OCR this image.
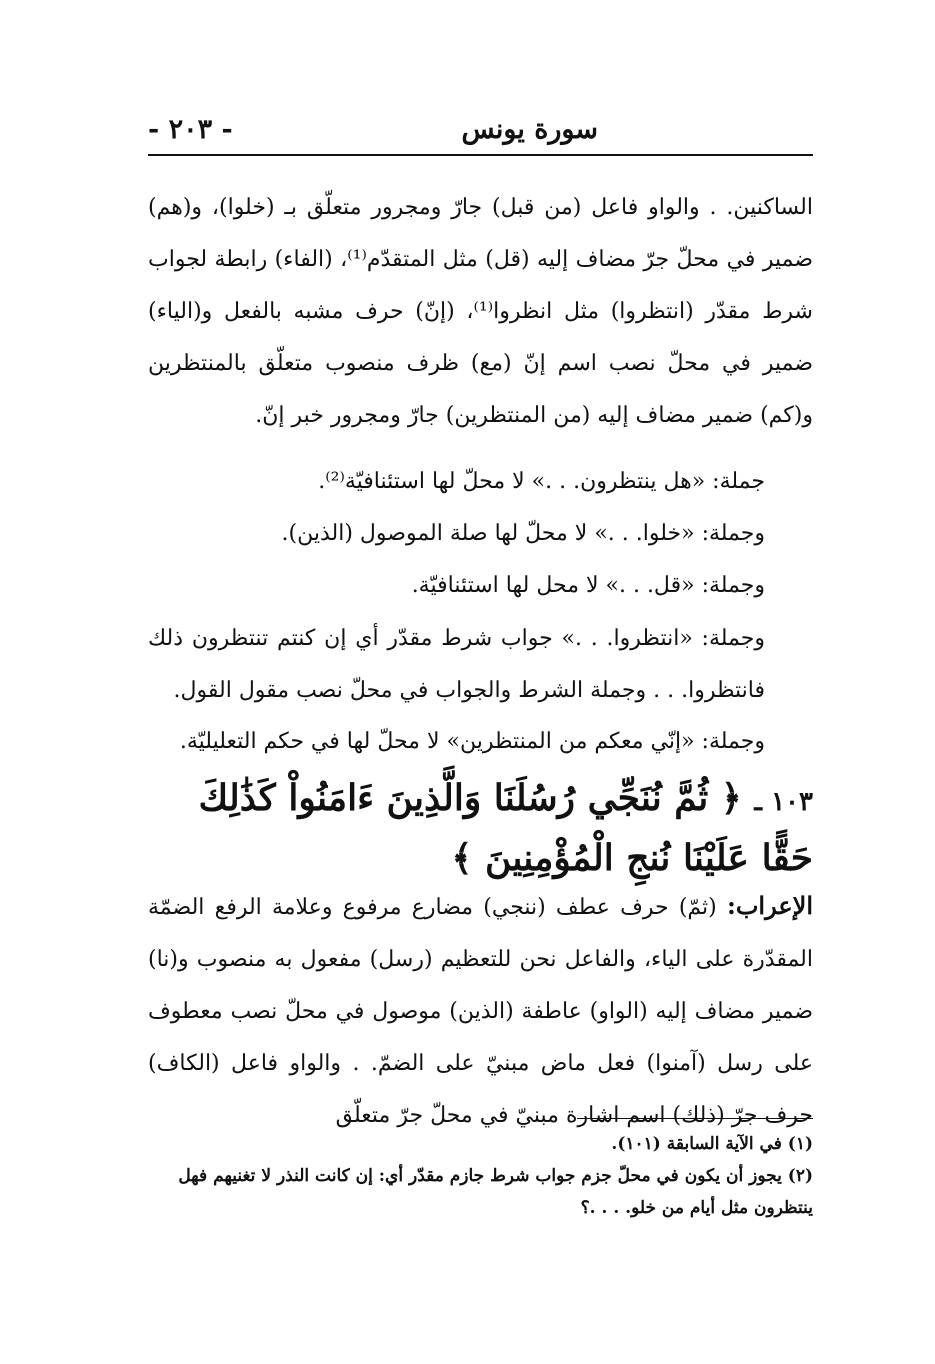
سورة يونس
- ٢٠٣ -
الساكنين. . والواو فاعل (من قبل) جارّ ومجرور متعلّق بـ (خلوا)، و(هم) ضمير في محلّ جرّ مضاف إليه (قل) مثل المتقدّم⁽¹⁾، (الفاء) رابطة لجواب شرط مقدّر (انتظروا) مثل انظروا⁽¹⁾، (إنّ) حرف مشبه بالفعل و(الياء) ضمير في محلّ نصب اسم إنّ (مع) ظرف منصوب متعلّق بالمنتظرين و(كم) ضمير مضاف إليه (من المنتظرين) جارّ ومجرور خبر إنّ.
جملة: «هل ينتظرون. . .» لا محلّ لها استئنافيّة⁽²⁾.
وجملة: «خلوا. . .» لا محلّ لها صلة الموصول (الذين).
وجملة: «قل. . .» لا محل لها استئنافيّة.
وجملة: «انتظروا. . .» جواب شرط مقدّر أي إن كنتم تنتظرون ذلك فانتظروا. . . وجملة الشرط والجواب في محلّ نصب مقول القول.
وجملة: «إنّي معكم من المنتظرين» لا محلّ لها في حكم التعليليّة.
١٠٣ ـ ﴿ ثُمَّ نُنَجِّي رُسُلَنَا وَالَّذِينَ ءَامَنُواْ كَذَٰلِكَ حَقًّا عَلَيْنَا نُنجِ الْمُؤْمِنِينَ ﴾
الإعراب: (ثمّ) حرف عطف (ننجي) مضارع مرفوع وعلامة الرفع الضمّة المقدّرة على الياء، والفاعل نحن للتعظيم (رسل) مفعول به منصوب و(نا) ضمير مضاف إليه (الواو) عاطفة (الذين) موصول في محلّ نصب معطوف على رسل (آمنوا) فعل ماض مبنيّ على الضمّ. . والواو فاعل (الكاف) حرف جرّ (ذلك) اسم اشارة مبنيّ في محلّ جرّ متعلّق

(١) في الآية السابقة (١٠١).

(٢) يجوز أن يكون في محلّ جزم جواب شرط جازم مقدّر أي: إن كانت النذر لا تغنيهم فهل ينتظرون مثل أيام من خلو. . . .؟
